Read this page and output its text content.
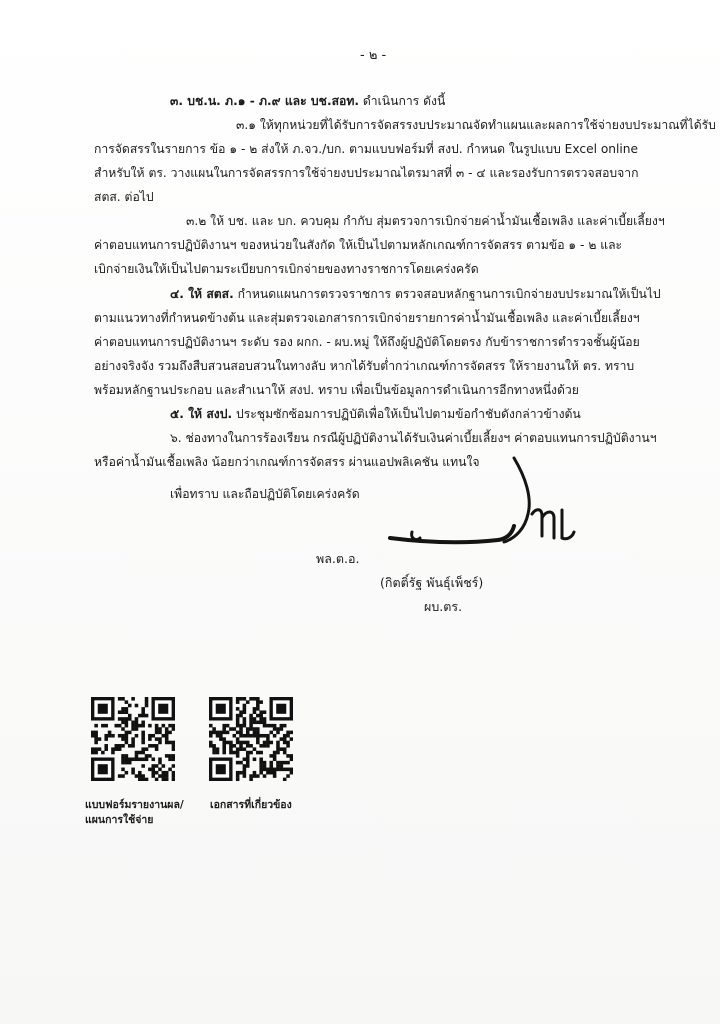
- ๒ -
๓. บช.น. ภ.๑ - ภ.๙ และ บช.สอท. ดำเนินการ ดังนี้
๓.๑ ให้ทุกหน่วยที่ได้รับการจัดสรรงบประมาณจัดทำแผนและผลการใช้จ่ายงบประมาณที่ได้รับ
การจัดสรรในรายการ ข้อ ๑ - ๒ ส่งให้ ภ.จว./บก. ตามแบบฟอร์มที่ สงป. กำหนด ในรูปแบบ Excel online
สำหรับให้ ตร. วางแผนในการจัดสรรการใช้จ่ายงบประมาณไตรมาสที่ ๓ - ๔ และรองรับการตรวจสอบจาก
สตส. ต่อไป
๓.๒ ให้ บช. และ บก. ควบคุม กำกับ สุ่มตรวจการเบิกจ่ายค่าน้ำมันเชื้อเพลิง และค่าเบี้ยเลี้ยงฯ
ค่าตอบแทนการปฏิบัติงานฯ ของหน่วยในสังกัด ให้เป็นไปตามหลักเกณฑ์การจัดสรร ตามข้อ ๑ - ๒ และ
เบิกจ่ายเงินให้เป็นไปตามระเบียบการเบิกจ่ายของทางราชการโดยเคร่งครัด
๔. ให้ สตส. กำหนดแผนการตรวจราชการ ตรวจสอบหลักฐานการเบิกจ่ายงบประมาณให้เป็นไป
ตามแนวทางที่กำหนดข้างต้น และสุ่มตรวจเอกสารการเบิกจ่ายรายการค่าน้ำมันเชื้อเพลิง และค่าเบี้ยเลี้ยงฯ
ค่าตอบแทนการปฏิบัติงานฯ ระดับ รอง ผกก. - ผบ.หมู่ ให้ถึงผู้ปฏิบัติโดยตรง กับข้าราชการตำรวจชั้นผู้น้อย
อย่างจริงจัง รวมถึงสืบสวนสอบสวนในทางลับ หากได้รับต่ำกว่าเกณฑ์การจัดสรร ให้รายงานให้ ตร. ทราบ
พร้อมหลักฐานประกอบ และสำเนาให้ สงป. ทราบ เพื่อเป็นข้อมูลการดำเนินการอีกทางหนึ่งด้วย
๕. ให้ สงป. ประชุมซักซ้อมการปฏิบัติเพื่อให้เป็นไปตามข้อกำชับดังกล่าวข้างต้น
๖. ช่องทางในการร้องเรียน กรณีผู้ปฏิบัติงานได้รับเงินค่าเบี้ยเลี้ยงฯ ค่าตอบแทนการปฏิบัติงานฯ
หรือค่าน้ำมันเชื้อเพลิง น้อยกว่าเกณฑ์การจัดสรร ผ่านแอปพลิเคชัน แทนใจ
เพื่อทราบ และถือปฏิบัติโดยเคร่งครัด
พล.ต.อ.
(กิตติ์รัฐ พันธุ์เพ็ชร์)
ผบ.ตร.
แบบฟอร์มรายงานผล/
แผนการใช้จ่าย
เอกสารที่เกี่ยวข้อง
